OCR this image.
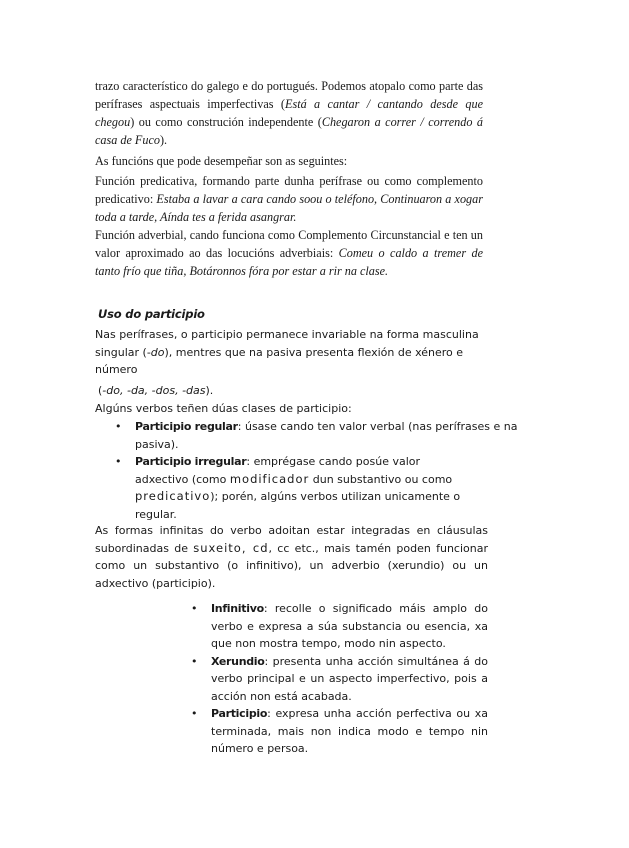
trazo característico do galego e do portugués. Podemos atopalo como parte das perífrases aspectuais imperfectivas (Está a cantar / cantando desde que chegou) ou como construción independente (Chegaron a correr / correndo á casa de Fuco).

As funcións que pode desempeñar son as seguintes:

Función predicativa, formando parte dunha perífrase ou como complemento predicativo: Estaba a lavar a cara cando soou o teléfono, Continuaron a xogar toda a tarde, Aínda tes a ferida asangrar.

Función adverbial, cando funciona como Complemento Circunstancial e ten un valor aproximado ao das locucións adverbiais: Comeu o caldo a tremer de tanto frío que tiña, Botáronnos fóra por estar a rir na clase.

Uso do participio

Nas perífrases, o participio permanece invariable na forma masculina singular (-do), mentres que na pasiva presenta flexión de xénero e número

(-do, -da, -dos, -das).

Algúns verbos teñen dúas clases de participio:

• Participio regular: úsase cando ten valor verbal (nas perífrases e na pasiva).
• Participio irregular: emprégase cando posúe valor adxectivo (como modificador dun substantivo ou como predicativo); porén, algúns verbos utilizan unicamente o regular.

As formas infinitas do verbo adoitan estar integradas en cláusulas subordinadas de suxeito, cd, cc etc., mais tamén poden funcionar como un substantivo (o infinitivo), un adverbio (xerundio) ou un adxectivo (participio).

• Infinitivo: recolle o significado máis amplo do verbo e expresa a súa substancia ou esencia, xa que non mostra tempo, modo nin aspecto.
• Xerundio: presenta unha acción simultánea á do verbo principal e un aspecto imperfectivo, pois a acción non está acabada.
• Participio: expresa unha acción perfectiva ou xa terminada, mais non indica modo e tempo nin número e persoa.
